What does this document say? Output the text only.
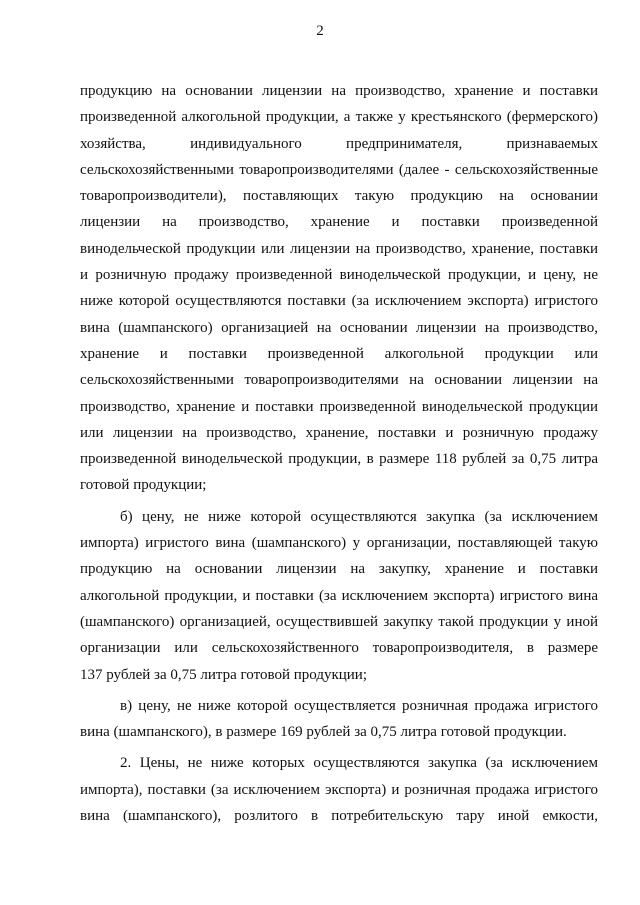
2
продукцию на основании лицензии на производство, хранение и поставки
произведенной алкогольной продукции, а также у крестьянского (фермерского)
хозяйства, индивидуального предпринимателя, признаваемых
сельскохозяйственными товаропроизводителями (далее - сельскохозяйственные
товаропроизводители), поставляющих такую продукцию на основании
лицензии на производство, хранение и поставки произведенной
винодельческой продукции или лицензии на производство, хранение, поставки
и розничную продажу произведенной винодельческой продукции, и цену, не
ниже которой осуществляются поставки (за исключением экспорта) игристого
вина (шампанского) организацией на основании лицензии на производство,
хранение и поставки произведенной алкогольной продукции или
сельскохозяйственными товаропроизводителями на основании лицензии на
производство, хранение и поставки произведенной винодельческой продукции
или лицензии на производство, хранение, поставки и розничную продажу
произведенной винодельческой продукции, в размере 118 рублей за 0,75 литра
готовой продукции;
б) цену, не ниже которой осуществляются закупка (за исключением
импорта) игристого вина (шампанского) у организации, поставляющей такую
продукцию на основании лицензии на закупку, хранение и поставки
алкогольной продукции, и поставки (за исключением экспорта) игристого вина
(шампанского) организацией, осуществившей закупку такой продукции у иной
организации или сельскохозяйственного товаропроизводителя, в размере
137 рублей за 0,75 литра готовой продукции;
в) цену, не ниже которой осуществляется розничная продажа игристого
вина (шампанского), в размере 169 рублей за 0,75 литра готовой продукции.
2. Цены, не ниже которых осуществляются закупка (за исключением
импорта), поставки (за исключением экспорта) и розничная продажа игристого
вина (шампанского), розлитого в потребительскую тару иной емкости,
